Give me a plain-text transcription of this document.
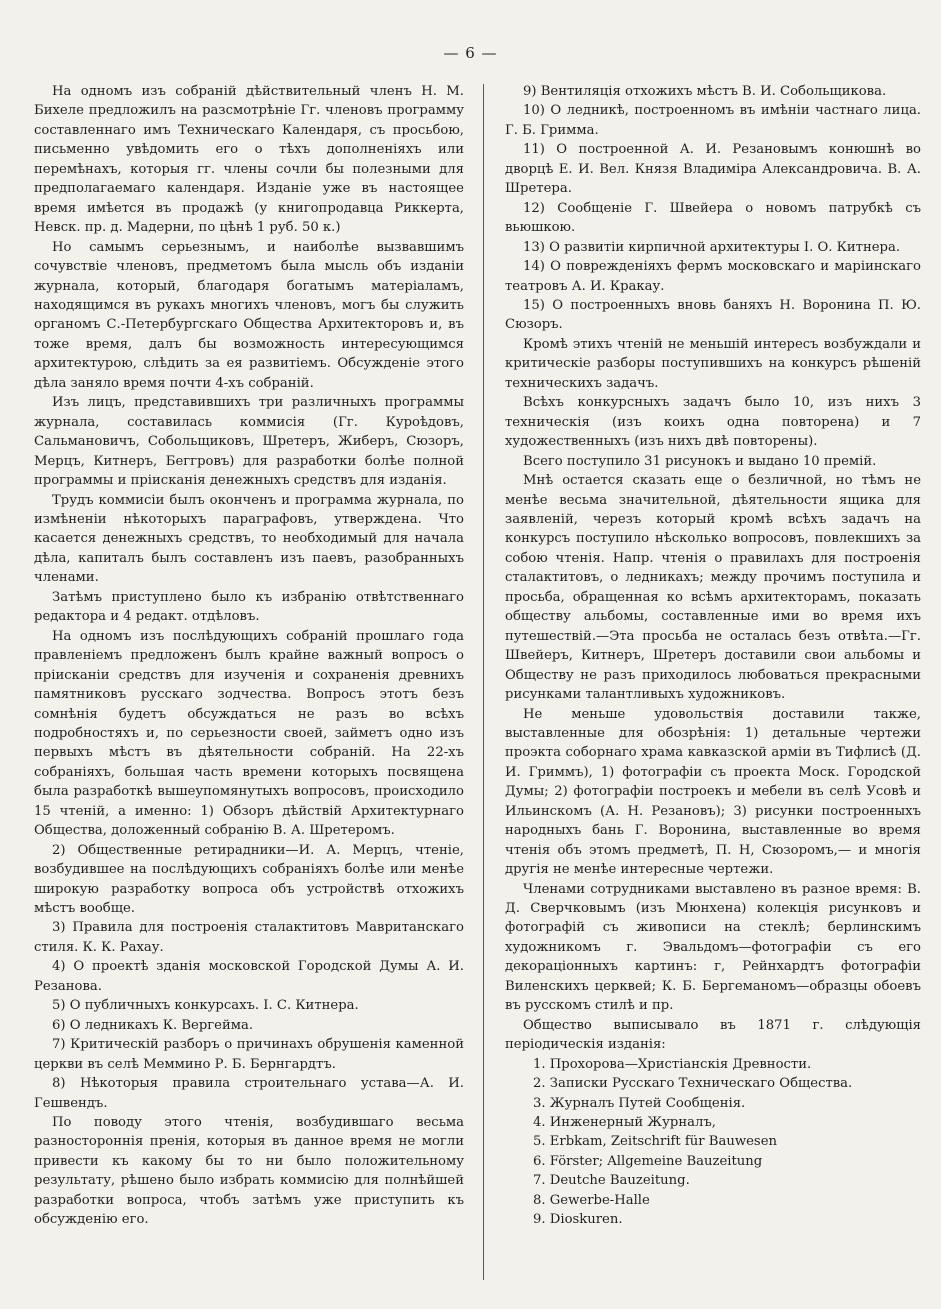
— 6 —

На одномъ изъ собраній дѣйствительный членъ Н. М. Бихеле предложилъ на разсмотрѣніе Гг. членовъ программу составленнаго имъ Техническаго Календаря, съ просьбою, письменно увѣдомить его о тѣхъ дополненіяхъ или перемѣнахъ, которыя гг. члены сочли бы полезными для предполагаемаго календаря. Изданіе уже въ настоящее время имѣется въ продажѣ (у книгопродавца Риккерта, Невск. пр. д. Мадерни, по цѣнѣ 1 руб. 50 к.)

Но самымъ серьезнымъ, и наиболѣе вызвавшимъ сочувствіе членовъ, предметомъ была мысль объ изданіи журнала, который, благодаря богатымъ матеріаламъ, находящимся въ рукахъ многихъ членовъ, могъ бы служить органомъ С.-Петербургскаго Общества Архитекторовъ и, въ тоже время, далъ бы возможность интересующимся архитектурою, слѣдить за ея развитіемъ. Обсужденіе этого дѣла заняло время почти 4-хъ собраній.

Изъ лицъ, представившихъ три различныхъ программы журнала, составилась коммисія (Гг. Куроѣдовъ, Сальмановичъ, Собольщиковъ, Шретеръ, Жиберъ, Сюзоръ, Мерцъ, Китнеръ, Беггровъ) для разработки болѣе полной программы и пріисканія денежныхъ средствъ для изданія.

Трудъ коммисіи былъ оконченъ и программа журнала, по измѣненіи нѣкоторыхъ параграфовъ, утверждена. Что касается денежныхъ средствъ, то необходимый для начала дѣла, капиталъ былъ составленъ изъ паевъ, разобранныхъ членами.

Затѣмъ приступлено было къ избранію отвѣтственнаго редактора и 4 редакт. отдѣловъ.

На одномъ изъ послѣдующихъ собраній прошлаго года правленіемъ предложенъ былъ крайне важный вопросъ о пріисканіи средствъ для изученія и сохраненія древнихъ памятниковъ русскаго зодчества. Вопросъ этотъ безъ сомнѣнія будетъ обсуждаться не разъ во всѣхъ подробностяхъ и, по серьезности своей, займетъ одно изъ первыхъ мѣстъ въ дѣятельности собраній. На 22-хъ собраніяхъ, большая часть времени которыхъ посвящена была разработкѣ вышеупомянутыхъ вопросовъ, происходило 15 чтеній, а именно: 1) Обзоръ дѣйствій Архитектурнаго Общества, доложенный собранію В. А. Шретеромъ.

2) Общественные ретирадники—И. А. Мерцъ, чтеніе, возбудившее на послѣдующихъ собраніяхъ болѣе или менѣе широкую разработку вопроса объ устройствѣ отхожихъ мѣстъ вообще.

3) Правила для построенія сталактитовъ Мавританскаго стиля. К. К. Рахау.

4) О проектѣ зданія московской Городской Думы А. И. Резанова.

5) О публичныхъ конкурсахъ. I. С. Китнера.

6) О ледникахъ К. Вергейма.

7) Критическій разборъ о причинахъ обрушенія каменной церкви въ селѣ Меммино Р. Б. Бернгардтъ.

8) Нѣкоторыя правила строительнаго устава—А. И. Гешвендъ.

По поводу этого чтенія, возбудившаго весьма разностороннія пренія, которыя въ данное время не могли привести къ какому бы то ни было положительному результату, рѣшено было избрать коммисію для полнѣйшей разработки вопроса, чтобъ затѣмъ уже приступить къ обсужденію его.

9) Вентиляція отхожихъ мѣстъ В. И. Собольщикова.

10) О ледникѣ, построенномъ въ имѣніи частнаго лица. Г. Б. Гримма.

11) О построенной А. И. Резановымъ конюшнѣ во дворцѣ Е. И. Вел. Князя Владиміра Александровича. В. А. Шретера.

12) Сообщеніе Г. Швейера о новомъ патрубкѣ съ вьюшкою.

13) О развитіи кирпичной архитектуры I. О. Китнера.

14) О поврежденіяхъ фермъ московскаго и маріинскаго театровъ А. И. Кракау.

15) О построенныхъ вновь баняхъ Н. Воронина П. Ю. Сюзоръ.

Кромѣ этихъ чтеній не меньшій интересъ возбуждали и критическіе разборы поступившихъ на конкурсъ рѣшеній техническихъ задачъ.

Всѣхъ конкурсныхъ задачъ было 10, изъ нихъ 3 техническія (изъ коихъ одна повторена) и 7 художественныхъ (изъ нихъ двѣ повторены).

Всего поступило 31 рисунокъ и выдано 10 премій.

Мнѣ остается сказать еще о безличной, но тѣмъ не менѣе весьма значительной, дѣятельности ящика для заявленій, черезъ который кромѣ всѣхъ задачъ на конкурсъ поступило нѣсколько вопросовъ, повлекшихъ за собою чтенія. Напр. чтенія о правилахъ для построенія сталактитовъ, о ледникахъ; между прочимъ поступила и просьба, обращенная ко всѣмъ архитекторамъ, показать обществу альбомы, составленные ими во время ихъ путешествій.—Эта просьба не осталась безъ отвѣта.—Гг. Швейеръ, Китнеръ, Шретеръ доставили свои альбомы и Обществу не разъ приходилось любоваться прекрасными рисунками талантливыхъ художниковъ.

Не меньше удовольствія доставили также, выставленные для обозрѣнія: 1) детальные чертежи проэкта соборнаго храма кавказской арміи въ Тифлисѣ (Д. И. Гриммъ), 1) фотографіи съ проекта Моск. Городской Думы; 2) фотографіи построекъ и мебели въ селѣ Усовѣ и Ильинскомъ (А. Н. Резановъ); 3) рисунки построенныхъ народныхъ бань Г. Воронина, выставленные во время чтенія объ этомъ предметѣ, П. Н, Сюзоромъ,— и многія другія не менѣе интересные чертежи.

Членами сотрудниками выставлено въ разное время: В. Д. Сверчковымъ (изъ Мюнхена) колекція рисунковъ и фотографій съ живописи на стеклѣ; берлинскимъ художникомъ г. Эвальдомъ—фотографіи съ его декораціонныхъ картинъ: г, Рейнхардтъ фотографіи Виленскихъ церквей; К. Б. Бергеманомъ—образцы обоевъ въ русскомъ стилѣ и пр.

Общество выписывало въ 1871 г. слѣдующія періодическія изданія:

1. Прохорова—Христіанскія Древности.
2. Записки Русскаго Техническаго Общества.
3. Журналъ Путей Сообщенія.
4. Инженерный Журналъ,
5. Erbkam, Zeitschrift für Bauwesen
6. Förster; Allgemeine Bauzeitung
7. Deutche Bauzeitung.
8. Gewerbe-Halle
9. Dioskuren.
